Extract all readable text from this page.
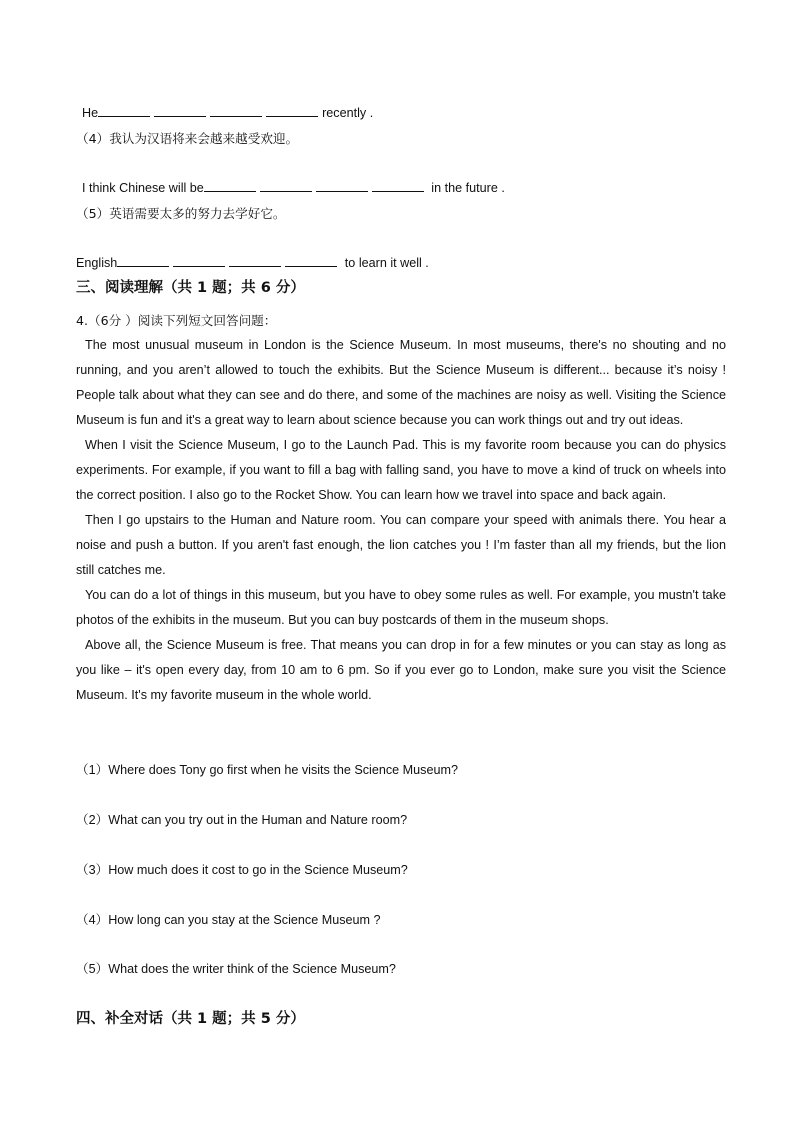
He	recently .
（4）我认为汉语将来会越来越受欢迎。
I think Chinese will be	in the future .
（5）英语需要太多的努力去学好它。
English	to learn it well .
三、阅读理解（共 1 题；共 6 分）
4.（6分 ）阅读下列短文回答问题：

The most unusual museum in London is the Science Museum. In most museums, there's no shouting and no running, and you aren’t allowed to touch the exhibits. But the Science Museum is different... because it’s noisy ! People talk about what they can see and do there, and some of the machines are noisy as well. Visiting the Science Museum is fun and it's a great way to learn about science because you can work things out and try out ideas.

When I visit the Science Museum, I go to the Launch Pad. This is my favorite room because you can do physics experiments. For example, if you want to fill a bag with falling sand, you have to move a kind of truck on wheels into the correct position. I also go to the Rocket Show. You can learn how we travel into space and back again.

Then I go upstairs to the Human and Nature room. You can compare your speed with animals there. You hear a noise and push a button. If you aren't fast enough, the lion catches you ! I’m faster than all my friends, but the lion still catches me.

You can do a lot of things in this museum, but you have to obey some rules as well. For example, you mustn't take photos of the exhibits in the museum. But you can buy postcards of them in the museum shops.

Above all, the Science Museum is free. That means you can drop in for a few minutes or you can stay as long as you like – it's open every day, from 10 am to 6 pm. So if you ever go to London, make sure you visit the Science Museum. It's my favorite museum in the whole world.

（1）Where does Tony go first when he visits the Science Museum?
（2）What can you try out in the Human and Nature room?
（3）How much does it cost to go in the Science Museum?
（4）How long can you stay at the Science Museum ?
（5）What does the writer think of the Science Museum?
四、补全对话（共 1 题；共 5 分）
